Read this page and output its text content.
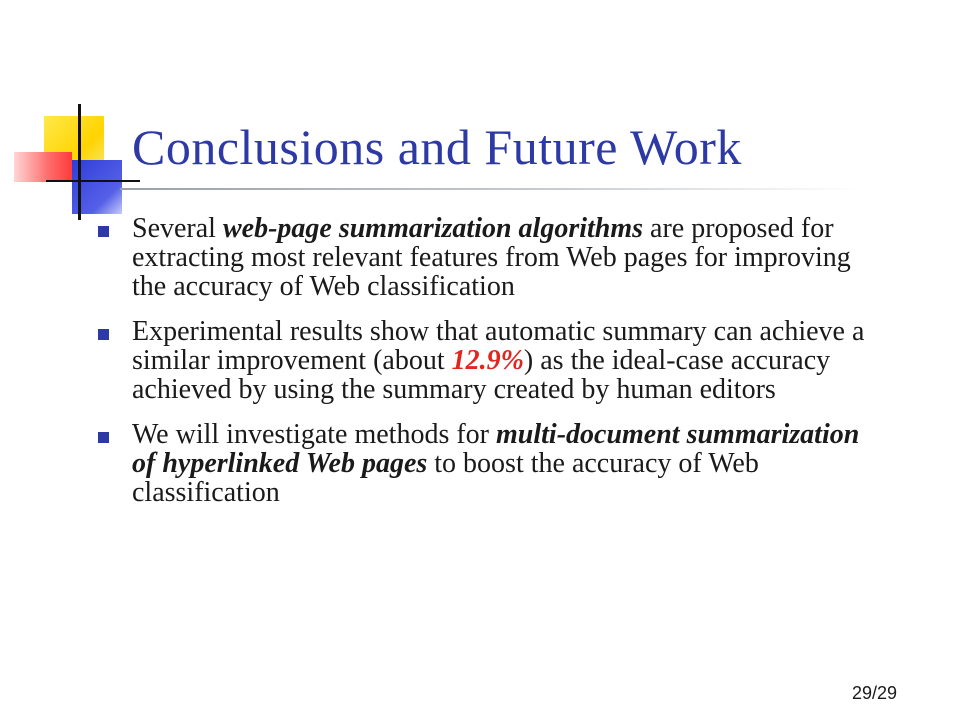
Conclusions and Future Work
Several web-page summarization algorithms are proposed for extracting most relevant features from Web pages for improving the accuracy of Web classification
Experimental results show that automatic summary can achieve a similar improvement (about 12.9%) as the ideal-case accuracy achieved by using the summary created by human editors
We will investigate methods for multi-document summarization of hyperlinked Web pages to boost the accuracy of Web classification
29/29
